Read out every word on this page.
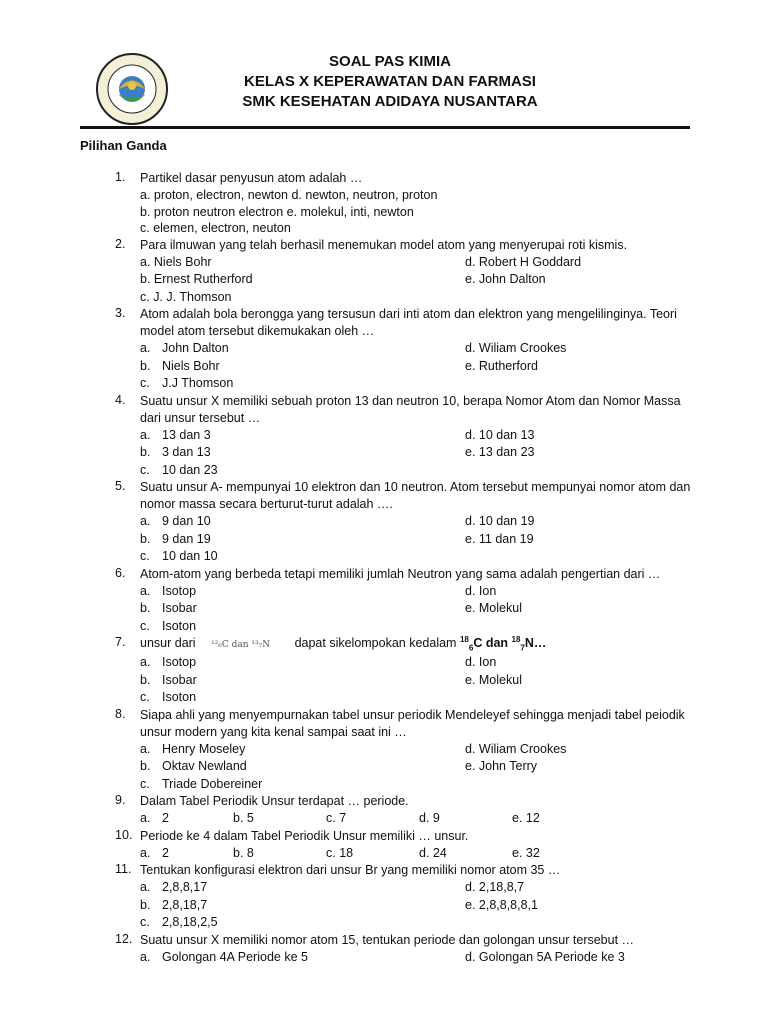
SOAL PAS KIMIA
KELAS X KEPERAWATAN DAN FARMASI
SMK KESEHATAN ADIDAYA NUSANTARA
Pilihan Ganda
1.	Partikel dasar penyusun atom adalah …
a. proton, electron, newton d. newton, neutron, proton
b. proton neutron electron e. molekul, inti, newton
c. elemen, electron, neuton
2.	Para ilmuwan yang telah berhasil menemukan model atom yang menyerupai roti kismis.
a. Niels Bohr	d. Robert H Goddard
b. Ernest Rutherford	e. John Dalton
c. J. J. Thomson
3.	Atom adalah bola berongga yang tersusun dari inti atom dan elektron yang mengelilinginya. Teori model atom tersebut dikemukakan oleh …
a. John Dalton	d. Wiliam Crookes
b. Niels Bohr	e. Rutherford
c. J.J Thomson
4.	Suatu unsur X memiliki sebuah proton 13 dan neutron 10, berapa Nomor Atom dan Nomor Massa dari unsur tersebut …
a. 13 dan 3	d. 10 dan 13
b. 3 dan 13	e. 13 dan 23
c. 10 dan 23
5.	Suatu unsur A- mempunyai 10 elektron dan 10 neutron. Atom tersebut mempunyai nomor atom dan nomor massa secara berturut-turut adalah ….
a. 9 dan 10	d. 10 dan 19
b. 9 dan 19	e. 11 dan 19
c. 10 dan 10
6.	Atom-atom yang berbeda tetapi memiliki jumlah Neutron yang sama adalah pengertian dari …
a. Isotop	d. Ion
b. Isobar	e. Molekul
c. Isoton
7.	unsur dari ¹²₆C dan ¹³₇N dapat sikelompokan kedalam $^{18}_6$C dan $^{18}_7$N…
a. Isotop	d. Ion
b. Isobar	e. Molekul
c. Isoton
8.	Siapa ahli yang menyempurnakan tabel unsur periodik Mendeleyef sehingga menjadi tabel peiodik unsur modern yang kita kenal sampai saat ini …
a. Henry Moseley	d. Wiliam Crookes
b. Oktav Newland	e. John Terry
c. Triade Dobereiner
9.	Dalam Tabel Periodik Unsur terdapat … periode.
a. 2	b. 5	c. 7	d. 9	e. 12
10. Periode ke 4 dalam Tabel Periodik Unsur memiliki … unsur.
a. 2	b. 8	c. 18	d. 24	e. 32
11. Tentukan konfigurasi elektron dari unsur Br yang memiliki nomor atom 35 …
a. 2,8,8,17	d. 2,18,8,7
b. 2,8,18,7	e. 2,8,8,8,8,1
c. 2,8,18,2,5
12. Suatu unsur X memiliki nomor atom 15, tentukan periode dan golongan unsur tersebut …
a. Golongan 4A Periode ke 5	d. Golongan 5A Periode ke 3
